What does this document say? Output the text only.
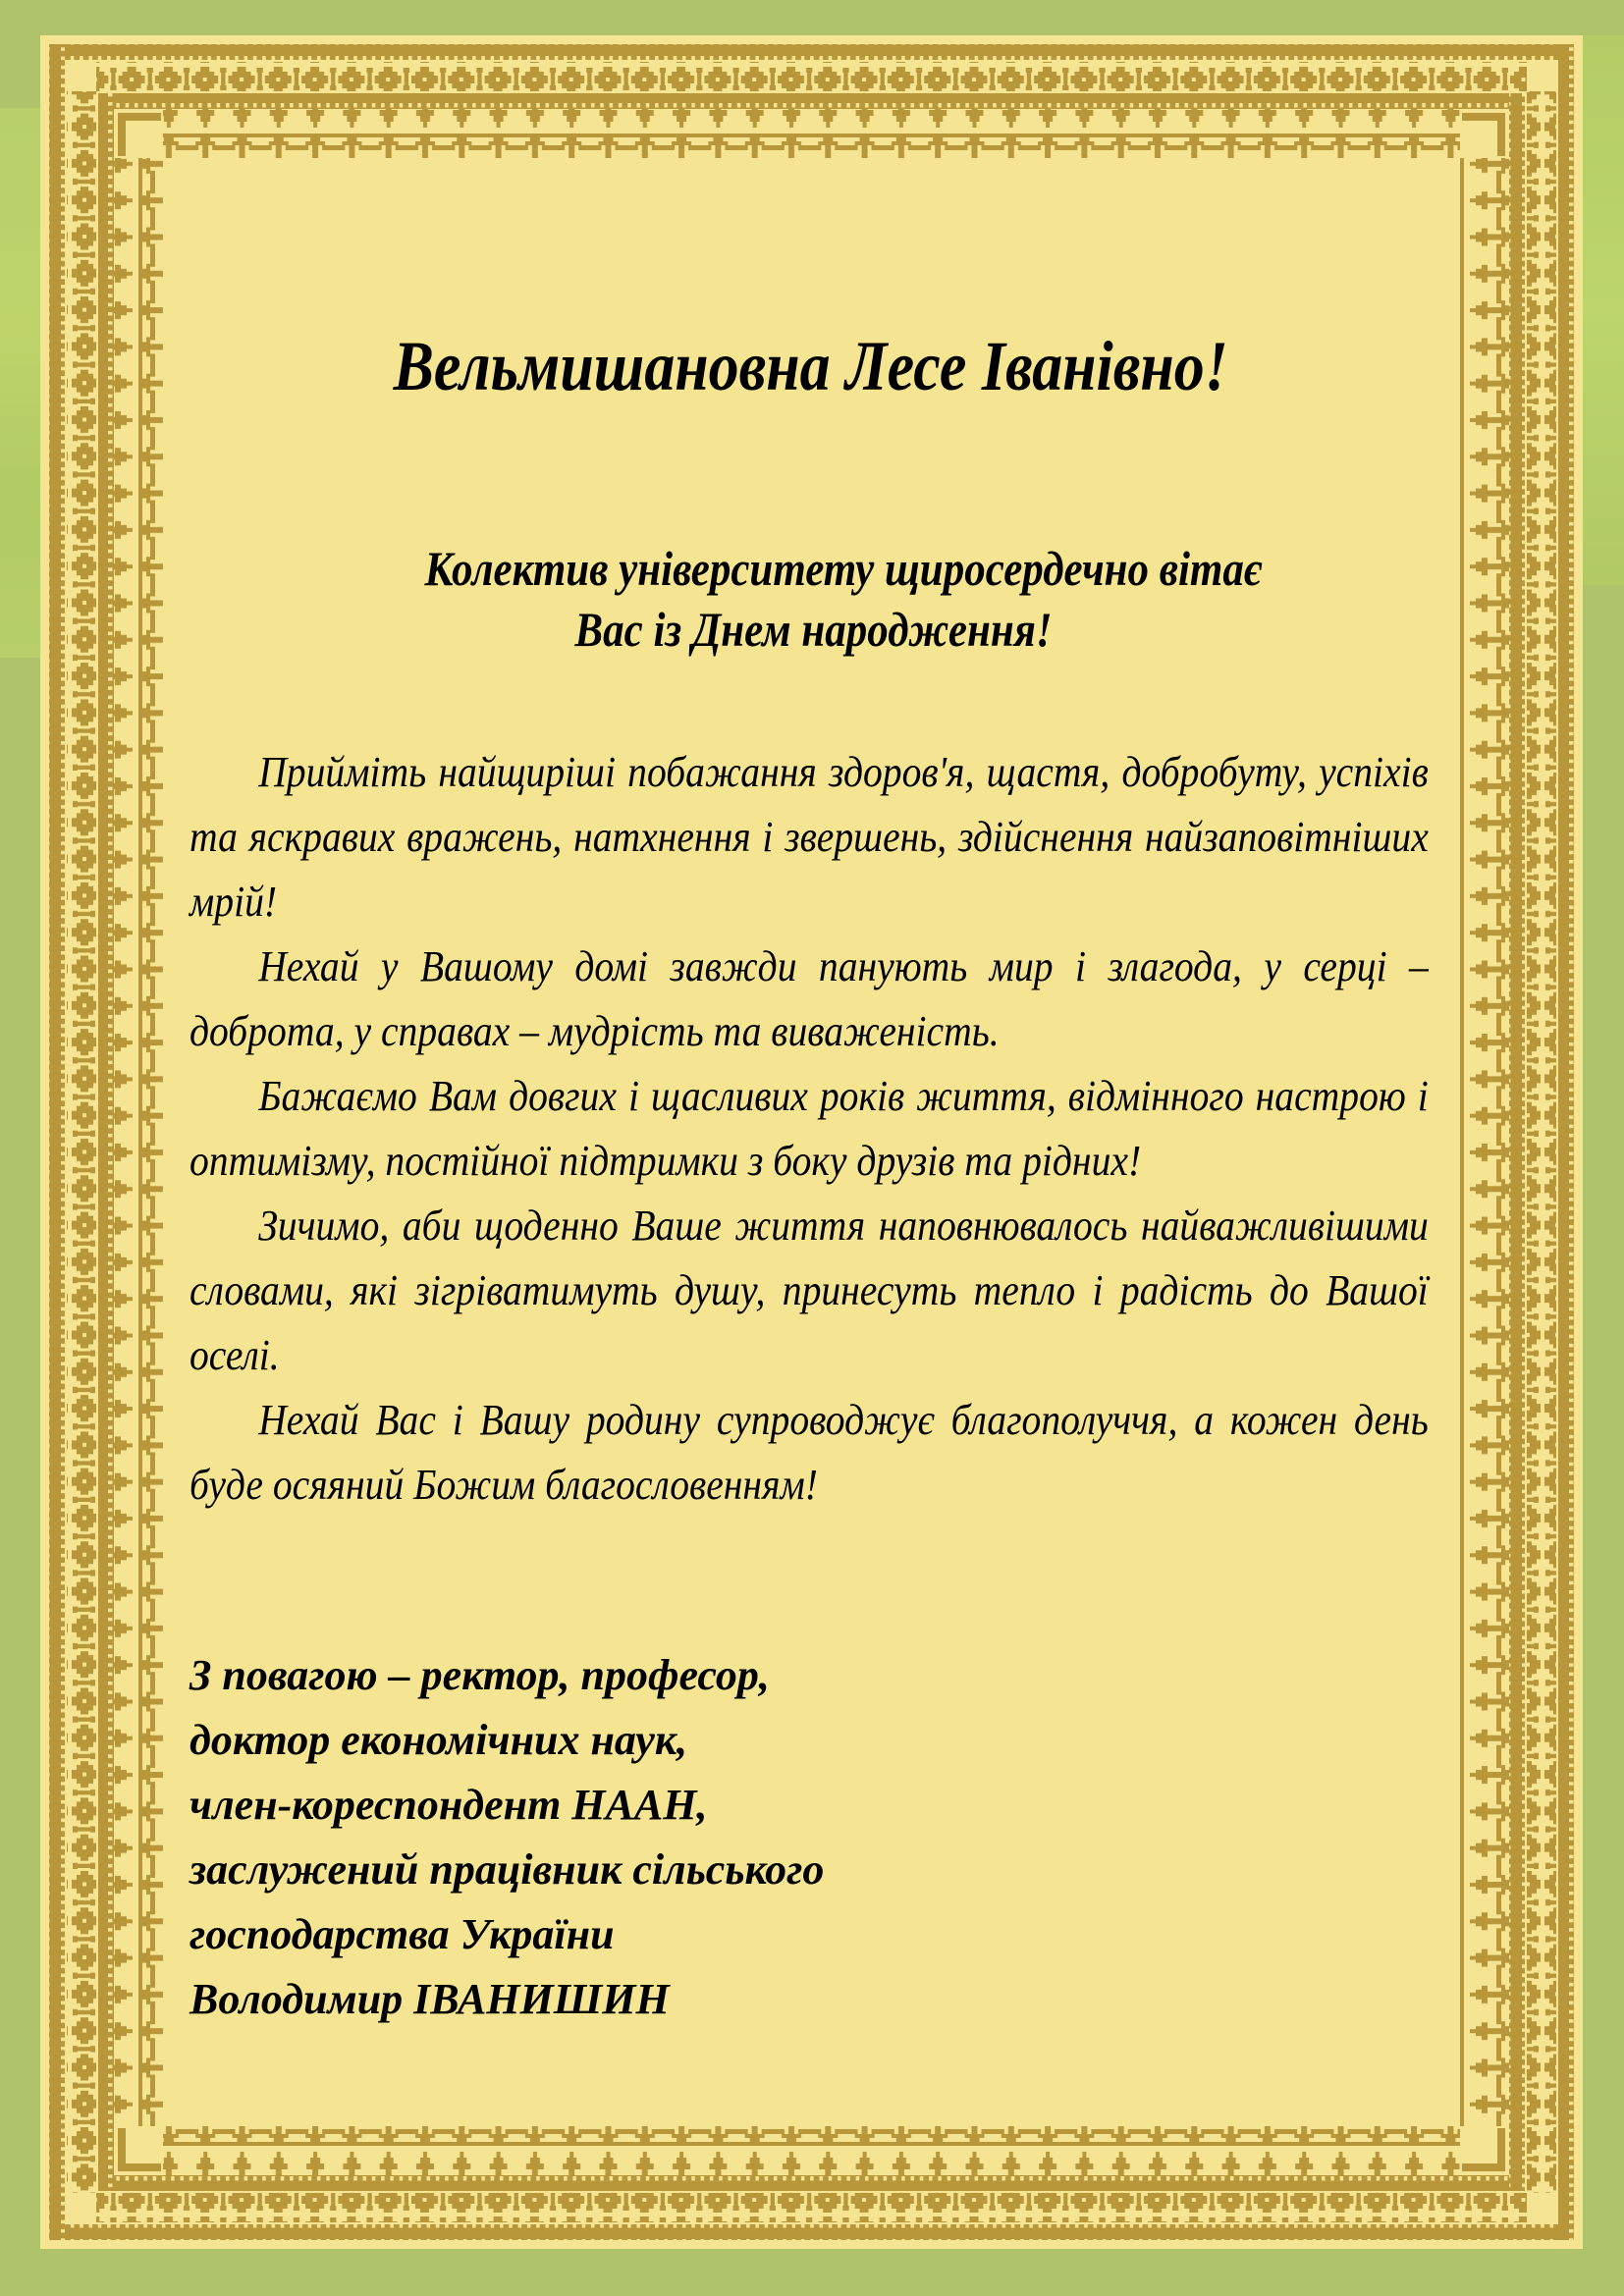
Вельмишановна Лесе Іванівно!
Колектив університету щиросердечно вітає
Вас із Днем народження!

Прийміть найщиріші побажання здоров'я, щастя, добробуту, успіхів та яскравих вражень, натхнення і звершень, здійснення найзаповітніших мрій!

Нехай у Вашому домі завжди панують мир і злагода, у серці – доброта, у справах – мудрість та виваженість.

Бажаємо Вам довгих і щасливих років життя, відмінного настрою і оптимізму, постійної підтримки з боку друзів та рідних!

Зичимо, аби щоденно Ваше життя наповнювалось найважливішими словами, які зігріватимуть душу, принесуть тепло і радість до Вашої оселі.

Нехай Вас і Вашу родину супроводжує благополуччя, а кожен день буде осяяний Божим благословенням!

З повагою – ректор, професор,
доктор економічних наук,
член-кореспондент НААН,
заслужений працівник сільського
господарства України
Володимир ІВАНИШИН
